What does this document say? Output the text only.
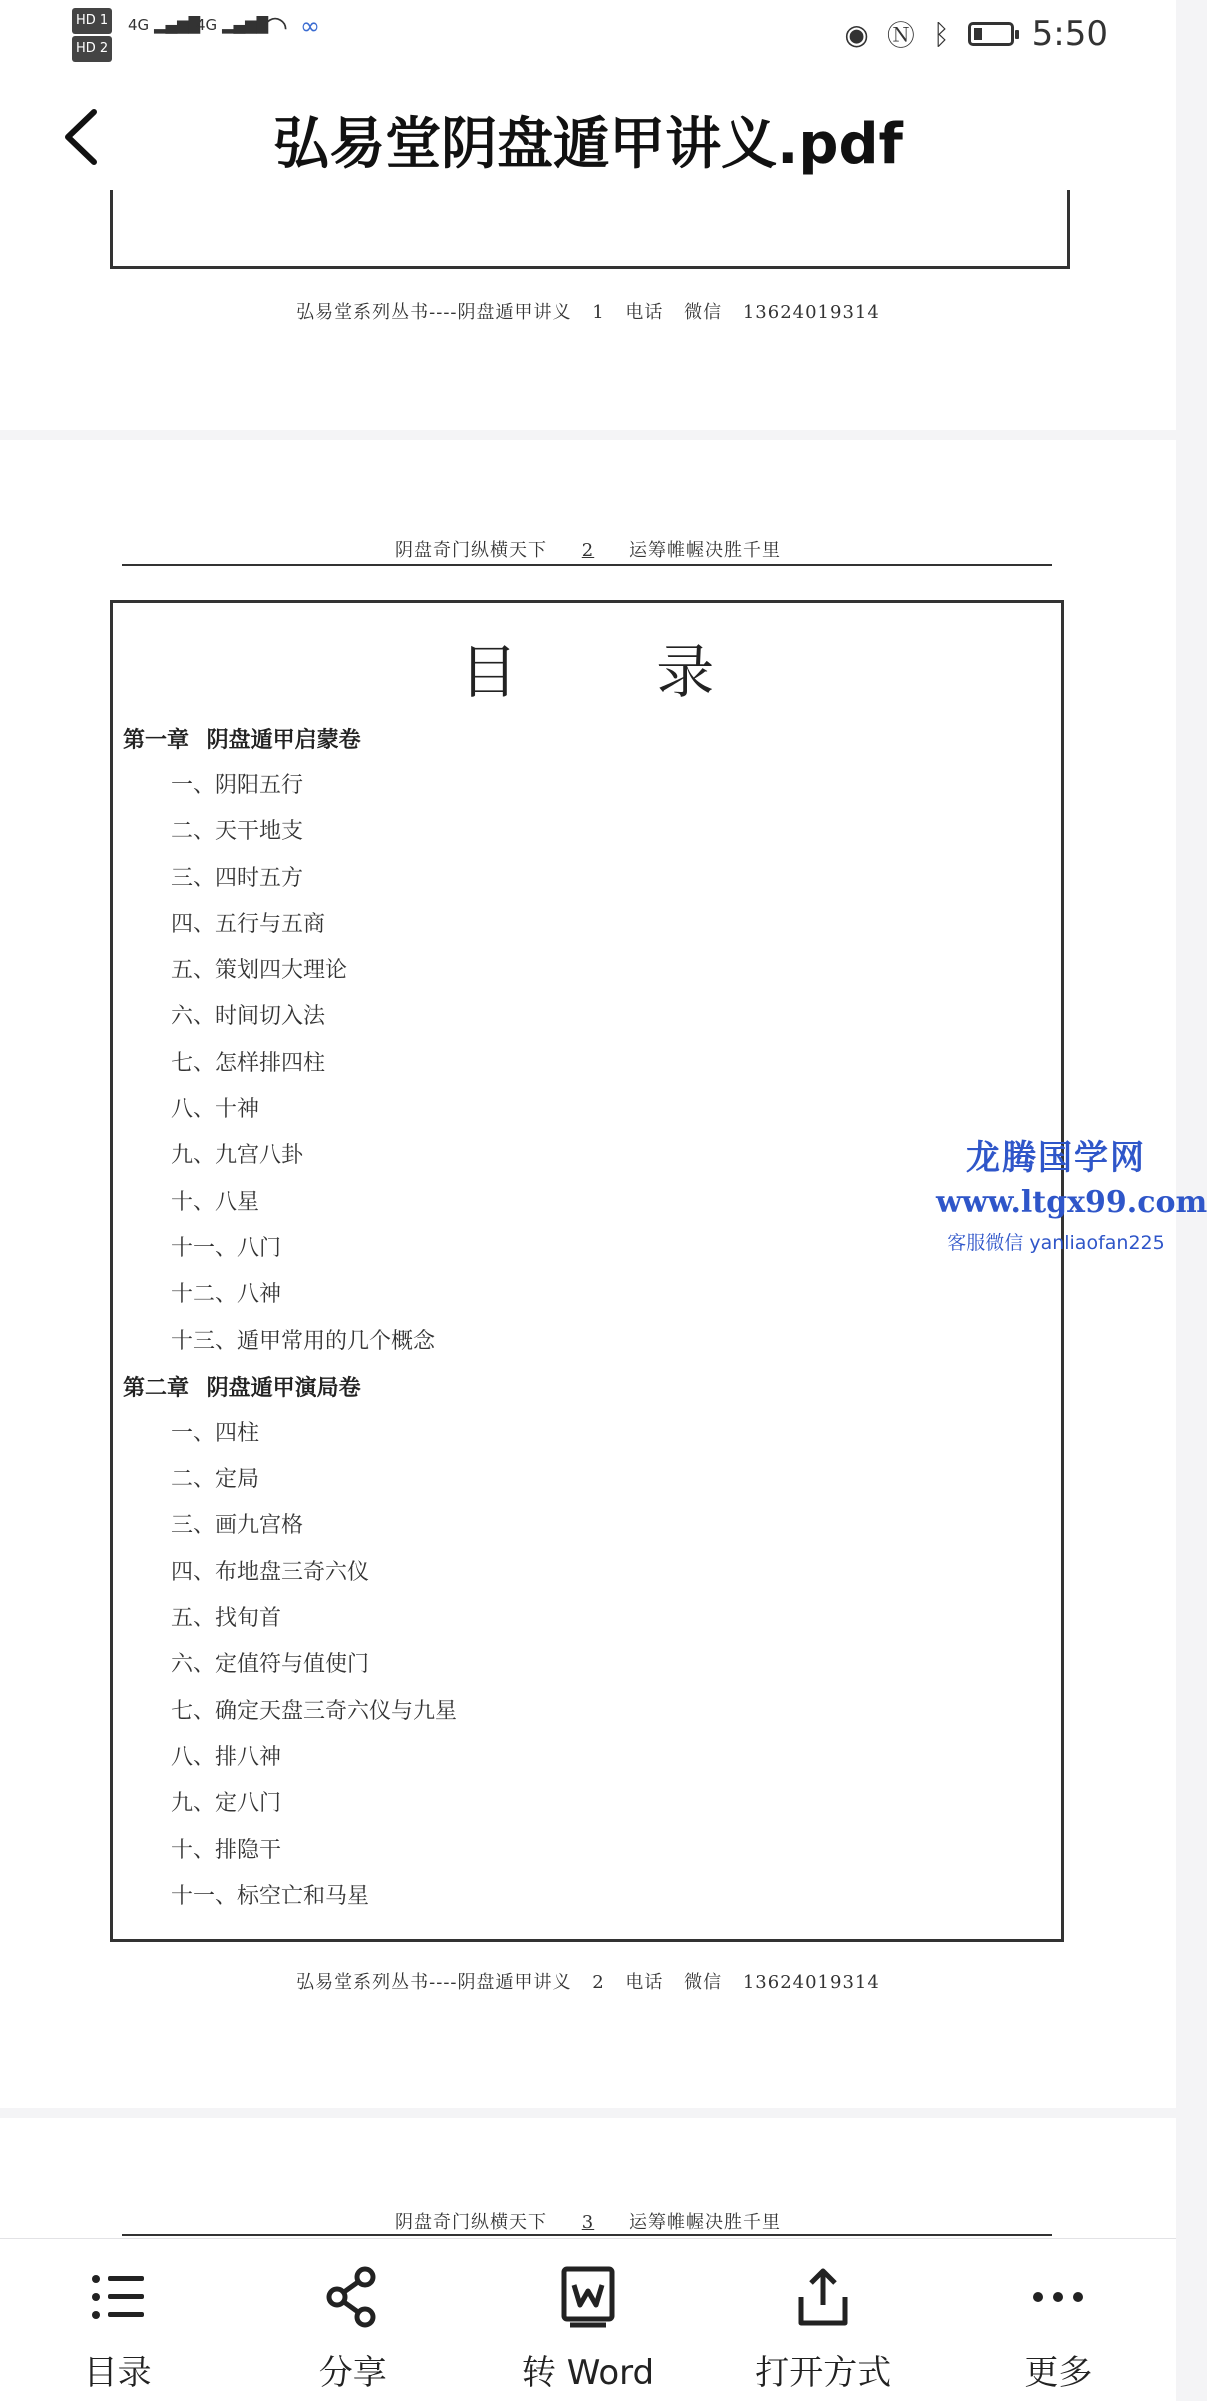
HD 1
HD 2
4G ▂▄▆█
4G ▂▄▆█
◠ ∞	◉ Ⓝ ᛒ 5:50
弘易堂阴盘遁甲讲义.pdf
弘易堂系列丛书----阴盘遁甲讲义 1 电话 微信 13624019314
阴盘奇门纵横天下 2 运筹帷幄决胜千里
目 录
第一章 阴盘遁甲启蒙卷
一、阴阳五行
二、天干地支
三、四时五方
四、五行与五商
五、策划四大理论
六、时间切入法
七、怎样排四柱
八、十神
九、九宫八卦
十、八星
十一、八门
十二、八神
十三、遁甲常用的几个概念
第二章 阴盘遁甲演局卷
一、四柱
二、定局
三、画九宫格
四、布地盘三奇六仪
五、找旬首
六、定值符与值使门
七、确定天盘三奇六仪与九星
八、排八神
九、定八门
十、排隐干
十一、标空亡和马星
弘易堂系列丛书----阴盘遁甲讲义 2 电话 微信 13624019314
阴盘奇门纵横天下 3 运筹帷幄决胜千里
龙腾国学网
www.ltgx99.com
客服微信 yanliaofan225
目录	分享	转 Word	打开方式	更多
